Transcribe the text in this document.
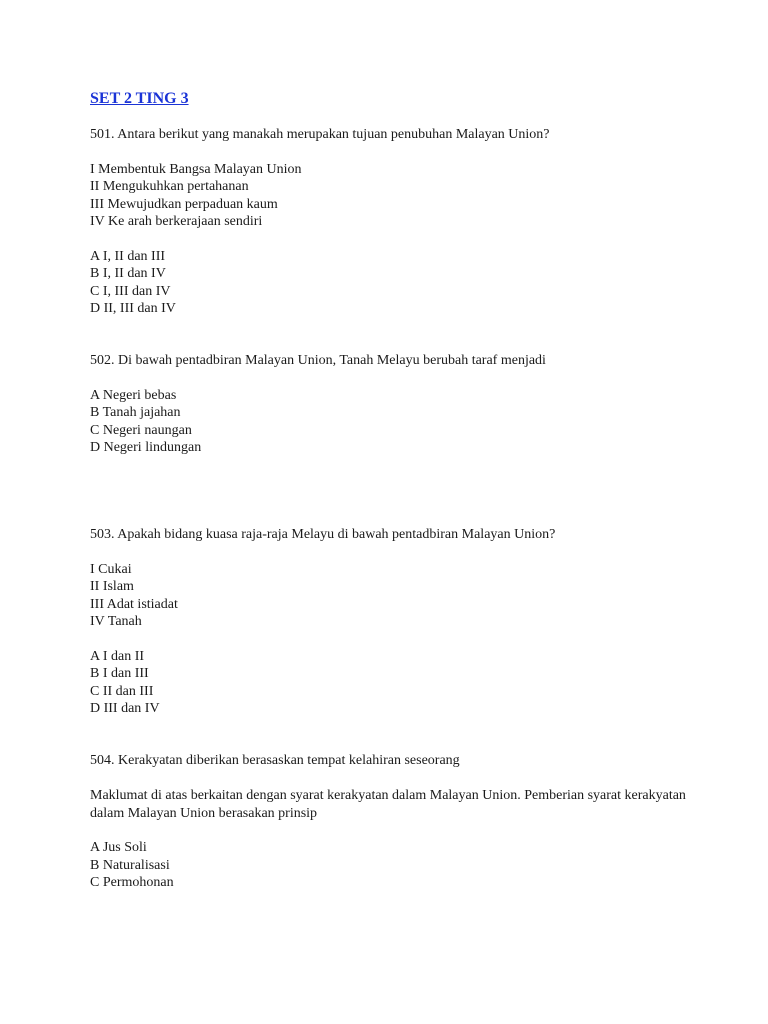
SET 2 TING 3
501. Antara berikut yang manakah merupakan tujuan penubuhan Malayan Union?
I Membentuk Bangsa Malayan Union
II Mengukuhkan pertahanan
III Mewujudkan perpaduan kaum
IV Ke arah berkerajaan sendiri
A I, II dan III
B I, II dan IV
C I, III dan IV
D II, III dan IV
502. Di bawah pentadbiran Malayan Union, Tanah Melayu berubah taraf menjadi
A Negeri bebas
B Tanah jajahan
C Negeri naungan
D Negeri lindungan
503. Apakah bidang kuasa raja-raja Melayu di bawah pentadbiran Malayan Union?
I Cukai
II Islam
III Adat istiadat
IV Tanah
A I dan II
B I dan III
C II dan III
D III dan IV
504. Kerakyatan diberikan berasaskan tempat kelahiran seseorang
Maklumat di atas berkaitan dengan syarat kerakyatan dalam Malayan Union. Pemberian syarat kerakyatan dalam Malayan Union berasakan prinsip
A Jus Soli
B Naturalisasi
C Permohonan
